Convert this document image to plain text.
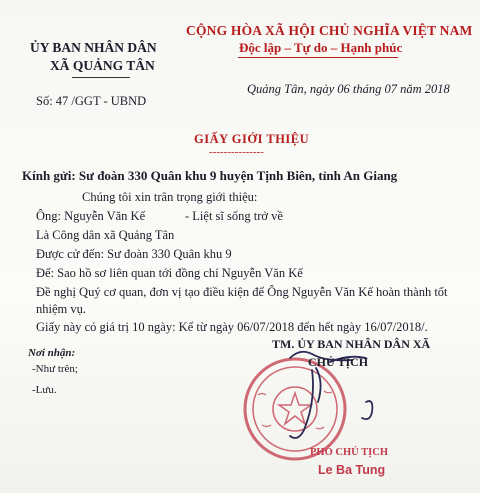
ỦY BAN NHÂN DÂN
XÃ QUẢNG TÂN
CỘNG HÒA XÃ HỘI CHỦ NGHĨA VIỆT NAM
Độc lập – Tự do – Hạnh phúc
Số: 47 /GGT - UBND
Quảng Tân, ngày 06 tháng 07 năm 2018
GIẤY GIỚI THIỆU
---------------
Kính gửi: Sư đoàn 330 Quân khu 9 huyện Tịnh Biên, tỉnh An Giang
Chúng tôi xin trân trọng giới thiệu:
Ông: Nguyễn Văn Kế	- Liệt sĩ sống trở về
Là Công dân xã Quảng Tân
Được cử đến: Sư đoàn 330 Quân khu 9
Để: Sao hồ sơ liên quan tới đồng chí Nguyễn Văn Kế
Đề nghị Quý cơ quan, đơn vị tạo điều kiện để Ông Nguyễn Văn Kế hoàn thành tốt
nhiệm vụ.
Giấy này có giá trị 10 ngày: Kể từ ngày 06/07/2018 đến hết ngày 16/07/2018/.
Nơi nhận:
-Như trên;
-Lưu.
TM. ỦY BAN NHÂN DÂN XÃ
CHỦ TỊCH
PHÓ CHỦ TỊCH
Le Ba Tung
